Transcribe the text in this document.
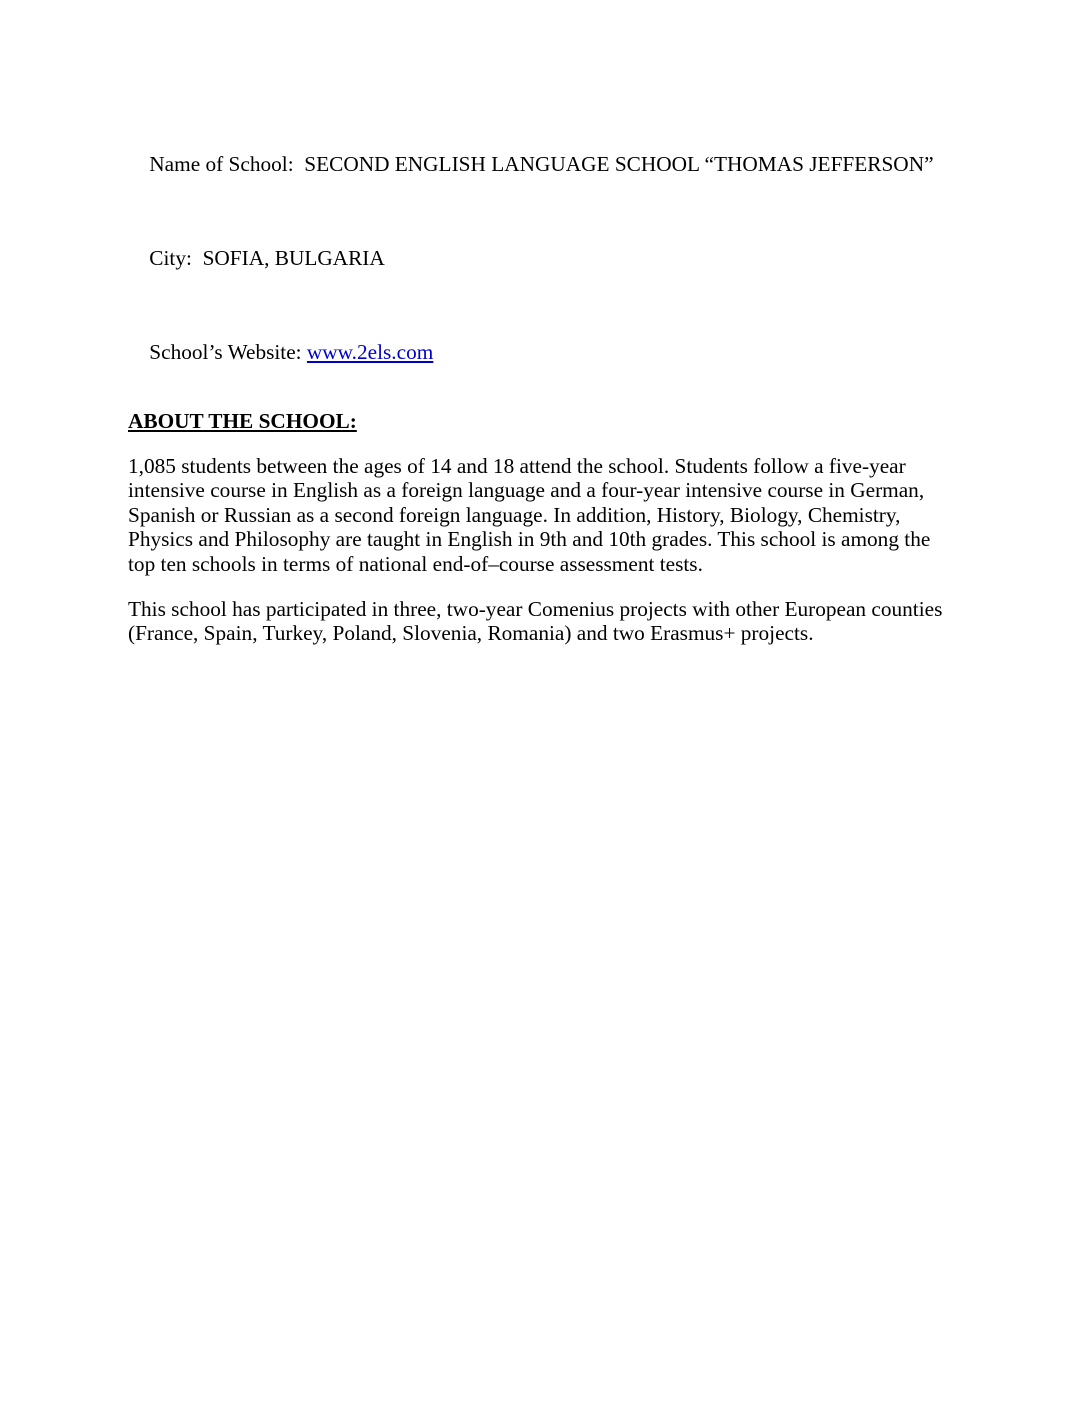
Name of School:  SECOND ENGLISH LANGUAGE SCHOOL “THOMAS JEFFERSON”

City:  SOFIA, BULGARIA

School’s Website: www.2els.com

ABOUT THE SCHOOL:

1,085 students between the ages of 14 and 18 attend the school. Students follow a five-year intensive course in English as a foreign language and a four-year intensive course in German, Spanish or Russian as a second foreign language. In addition, History, Biology, Chemistry, Physics and Philosophy are taught in English in 9th and 10th grades. This school is among the top ten schools in terms of national end-of–course assessment tests.

This school has participated in three, two-year Comenius projects with other European counties (France, Spain, Turkey, Poland, Slovenia, Romania) and two Erasmus+ projects.
